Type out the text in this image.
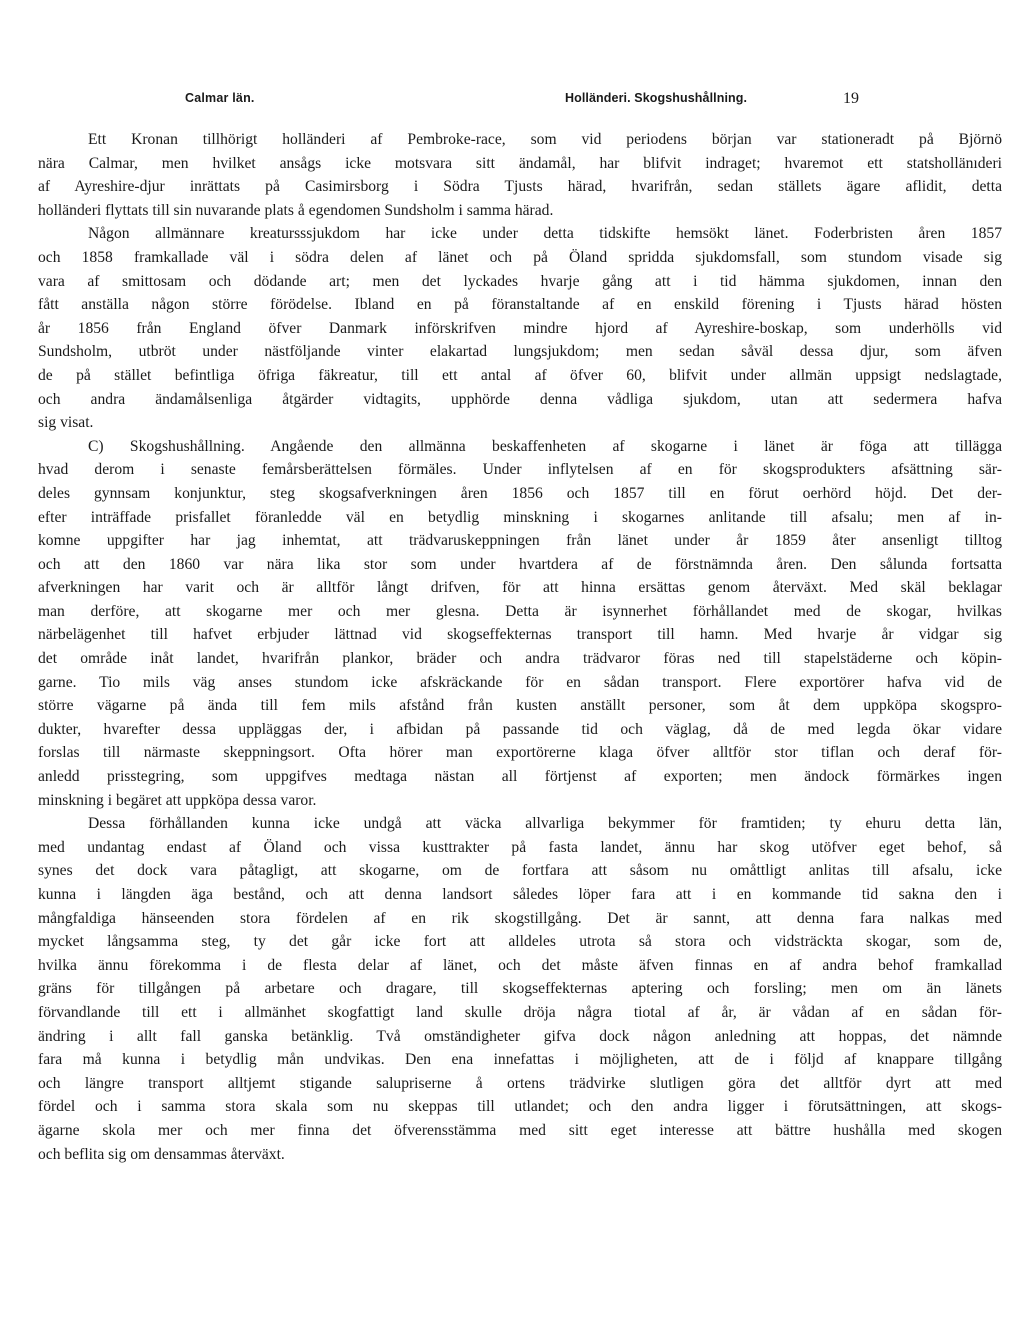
Calmar län.	Holländeri. Skogshushållning.	19
Ett Kronan tillhörigt holländeri af Pembroke-race, som vid periodens början var stationeradt på Björnö
nära Calmar, men hvilket ansågs icke motsvara sitt ändamål, har blifvit indraget; hvaremot ett statshollänıderi
af Ayreshire-djur inrättats på Casimirsborg i Södra Tjusts härad, hvarifrån, sedan ställets ägare aflidit, detta
holländeri flyttats till sin nuvarande plats å egendomen Sundsholm i samma härad.
Någon allmännare kreatursssjukdom har icke under detta tidskifte hemsökt länet. Foderbristen åren 1857
och 1858 framkallade väl i södra delen af länet och på Öland spridda sjukdomsfall, som stundom visade sig
vara af smittosam och dödande art; men det lyckades hvarje gång att i tid hämma sjukdomen, innan den
fått anställa någon större förödelse. Ibland en på föranstaltande af en enskild förening i Tjusts härad hösten
år 1856 från England öfver Danmark införskrifven mindre hjord af Ayreshire-boskap, som underhölls vid
Sundsholm, utbröt under nästföljande vinter elakartad lungsjukdom; men sedan såväl dessa djur, som äfven
de på stället befintliga öfriga fäkreatur, till ett antal af öfver 60, blifvit under allmän uppsigt nedslagtade,
och andra ändamålsenliga åtgärder vidtagits, upphörde denna vådliga sjukdom, utan att sedermera hafva
sig visat.
C) Skogshushållning. Angående den allmänna beskaffenheten af skogarne i länet är föga att tillägga
hvad derom i senaste femårsberättelsen förmäles. Under inflytelsen af en för skogsprodukters afsättning sär-
deles gynnsam konjunktur, steg skogsafverkningen åren 1856 och 1857 till en förut oerhörd höjd. Det der-
efter inträffade prisfallet föranledde väl en betydlig minskning i skogarnes anlitande till afsalu; men af in-
komne uppgifter har jag inhemtat, att trädvaruskeppningen från länet under år 1859 åter ansenligt tilltog
och att den 1860 var nära lika stor som under hvartdera af de förstnämnda åren. Den sålunda fortsatta
afverkningen har varit och är alltför långt drifven, för att hinna ersättas genom återväxt. Med skäl beklagar
man derföre, att skogarne mer och mer glesna. Detta är isynnerhet förhållandet med de skogar, hvilkas
närbelägenhet till hafvet erbjuder lättnad vid skogseffekternas transport till hamn. Med hvarje år vidgar sig
det område inåt landet, hvarifrån plankor, bräder och andra trädvaror föras ned till stapelstäderne och köpin-
garne. Tio mils väg anses stundom icke afskräckande för en sådan transport. Flere exportörer hafva vid de
större vägarne på ända till fem mils afstånd från kusten anställt personer, som åt dem uppköpa skogspro-
dukter, hvarefter dessa uppläggas der, i afbidan på passande tid och väglag, då de med legda ökar vidare
forslas till närmaste skeppningsort. Ofta hörer man exportörerne klaga öfver alltför stor tiflan och deraf för-
anledd prisstegring, som uppgifves medtaga nästan all förtjenst af exporten; men ändock förmärkes ingen
minskning i begäret att uppköpa dessa varor.
Dessa förhållanden kunna icke undgå att väcka allvarliga bekymmer för framtiden; ty ehuru detta län,
med undantag endast af Öland och vissa kusttrakter på fasta landet, ännu har skog utöfver eget behof, så
synes det dock vara påtagligt, att skogarne, om de fortfara att såsom nu omåttligt anlitas till afsalu, icke
kunna i längden äga bestånd, och att denna landsort således löper fara att i en kommande tid sakna den i
mångfaldiga hänseenden stora fördelen af en rik skogstillgång. Det är sannt, att denna fara nalkas med
mycket långsamma steg, ty det går icke fort att alldeles utrota så stora och vidsträckta skogar, som de,
hvilka ännu förekomma i de flesta delar af länet, och det måste äfven finnas en af andra behof framkallad
gräns för tillgången på arbetare och dragare, till skogseffekternas aptering och forsling; men om än länets
förvandlande till ett i allmänhet skogfattigt land skulle dröja några tiotal af år, är vådan af en sådan för-
ändring i allt fall ganska betänklig. Två omständigheter gifva dock någon anledning att hoppas, det nämnde
fara må kunna i betydlig mån undvikas. Den ena innefattas i möjligheten, att de i följd af knappare tillgång
och längre transport alltjemt stigande salupriserne å ortens trädvirke slutligen göra det alltför dyrt att med
fördel och i samma stora skala som nu skeppas till utlandet; och den andra ligger i förutsättningen, att skogs-
ägarne skola mer och mer finna det öfverensstämma med sitt eget interesse att bättre hushålla med skogen
och beflita sig om densammas återväxt.
